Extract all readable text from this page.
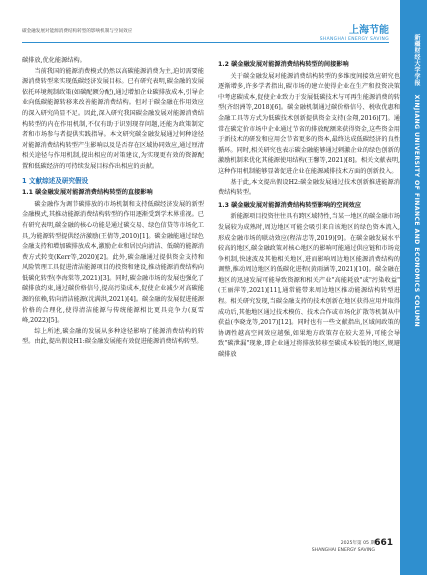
碳金融发展对能源消费结构转型的影响机制与空间效应	上海节能
SHANGHAI ENERGY SAVING	新疆财经大学学报 XINJIANG UNIVERSITY OF FINANCE AND ECONOMICS COLUMN

碳排放,优化能源结构。

当前我国的能源消费模式仍然以高碳能源消费为主,迫切需要能源消费转型来实现低碳经济发展目标。已有研究表明,碳金融的发展依托环境规制政策(如碳配额分配),通过增加企业碳排放成本,引导企业向低碳能源转移来改善能源消费结构。但对于碳金融在作用效应的深入研究尚显不足。因此,深入研究我国碳金融发展对能源消费结构转型的内在作用机制,不仅有助于识别现存问题,还能为政策制定者和市场参与者提供实践指导。本文研究碳金融发展通过何种途径对能源消费结构转型产生影响以及是否存在区域协同效应,通过厘清相关途径与作用机制,提出相应的对策建议,为实现更有效的资源配置和低碳经济的可持续发展目标作出相应的贡献。

1 文献综述及研究假设
1.1 碳金融发展对能源消费结构转型的直接影响

碳金融作为调节碳排放的市场机制和支持低碳经济发展的新型金融模式,其推动能源消费结构转型的作用逐渐受到学术界重视。已有研究表明,碳金融的核心功能是通过碳交易、绿色信贷等市场化工具,为能源转型提供经济激励(王倩等,2010)[1]。碳金融能通过绿色金融支持和增加碳排放成本,激励企业和居民向清洁、低碳的能源消费方式转变(Kerr等,2020)[2]。此外,碳金融通过提供资金支持和风险管理工具促进清洁能源项目的投资和建设,推动能源消费结构向低碳化转型(李海棠等,2021)[3]。同时,碳金融市场的发展也强化了碳排放约束,通过碳价格信号,提高污染成本,促使企业减少对高碳能源的依赖,转向清洁能源(沈满洪,2021)[4]。碳金融的发展促进能源价格的合理化,使得清洁能源与传统能源相比更具竞争力(夏雪峰,2022)[5]。

综上所述,碳金融的发展从多种途径影响了能源消费结构的转型。由此,提出假设H1:碳金融发展能有效促进能源消费结构转型。

1.2 碳金融发展对能源消费结构转型的间接影响

关于碳金融发展对能源消费结构转型的多维度间接效应研究也逐渐增多,许多学者指出,碳市场的建立使得企业在生产和投资决策中考虑碳成本,促使企业致力于发展低碳技术与可再生能源消费的转型(齐绍洲等,2018)[6]。碳金融机制通过碳价格信号、税收优惠和金融工具等方式为低碳技术创新提供资金支持(金翔,2016)[7]。通常在碳定价市场中企业通过节省的排放配额来获得资金,这些资金用于新技术的研发和应用会节省更多的资本,最终达成低碳经济的良性循环。同时,相关研究也表示碳金融能够通过刺激企业的绿色创新的激励机制来优化其能源使用结构(王馨等,2021)[8]。相关文献表明,这种作用机制能够显著促进企业在能源减排技术方面的创新投入。

基于此,本文提出假设H2:碳金融发展通过技术创新推进能源消费结构转型。

1.3 碳金融发展对能源消费结构转型影响的空间效应

新能源项目投资往往具有跨区域特性,当某一地区的碳金融市场发展较为成熟时,周边地区可能会吸引来自该地区的绿色资本流入,形成金融市场的联动效应(程洁忠等,2019)[9]。在碳金融发展水平较高的地区,碳金融政策对核心地区的影响可能通过供应链和市场竞争机制,快速波及其他相关地区,进而影响周边地区能源消费结构的调整,推动周边地区的低碳化进程(黄雨涵等,2021)[10]。碳金融在地区的迅速发展可能导致资源和相关产业"高能耗放"或"污染收益"(王丽萍等,2021)[11],通常能带来周边地区推动能源结构转型进程。相关研究发现,当碳金融支持的技术创新在地区获得应用并取得成功后,其他地区通过技术模仿、技术合作或市场化扩散等机制从中获益(李晓龙等,2017)[12]。同时也有一些文献指出,区域间政策的协调性越高空间效应越强,如果地方政策存在较大差异,可能会导致"碳泄漏"现象,即企业通过将排放转移至碳成本较低的地区,规避碳排放

2025年第 05 期
SHANGHAI ENERGY SAVING
661
